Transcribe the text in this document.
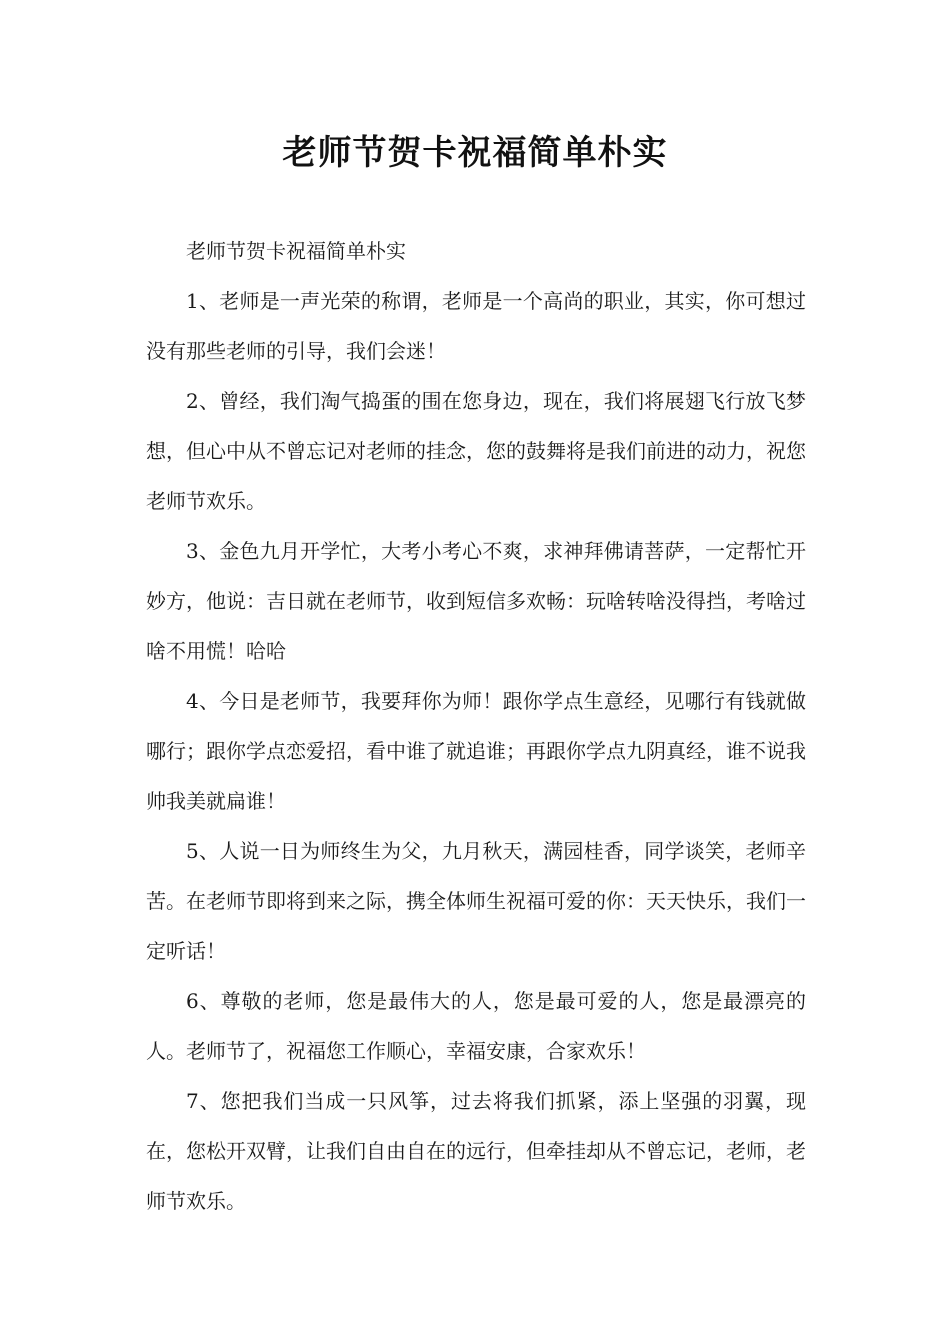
老师节贺卡祝福简单朴实

老师节贺卡祝福简单朴实

1、老师是一声光荣的称谓，老师是一个高尚的职业，其实，你可想过没有那些老师的引导，我们会迷！

2、曾经，我们淘气捣蛋的围在您身边，现在，我们将展翅飞行放飞梦想，但心中从不曾忘记对老师的挂念，您的鼓舞将是我们前进的动力，祝您老师节欢乐。

3、金色九月开学忙，大考小考心不爽，求神拜佛请菩萨，一定帮忙开妙方，他说：吉日就在老师节，收到短信多欢畅：玩啥转啥没得挡，考啥过啥不用慌！哈哈

4、今日是老师节，我要拜你为师！跟你学点生意经，见哪行有钱就做哪行；跟你学点恋爱招，看中谁了就追谁；再跟你学点九阴真经，谁不说我帅我美就扁谁！

5、人说一日为师终生为父，九月秋天，满园桂香，同学谈笑，老师辛苦。在老师节即将到来之际，携全体师生祝福可爱的你：天天快乐，我们一定听话！

6、尊敬的老师，您是最伟大的人，您是最可爱的人，您是最漂亮的人。老师节了，祝福您工作顺心，幸福安康，合家欢乐！

7、您把我们当成一只风筝，过去将我们抓紧，添上坚强的羽翼，现在，您松开双臂，让我们自由自在的远行，但牵挂却从不曾忘记，老师，老师节欢乐。
